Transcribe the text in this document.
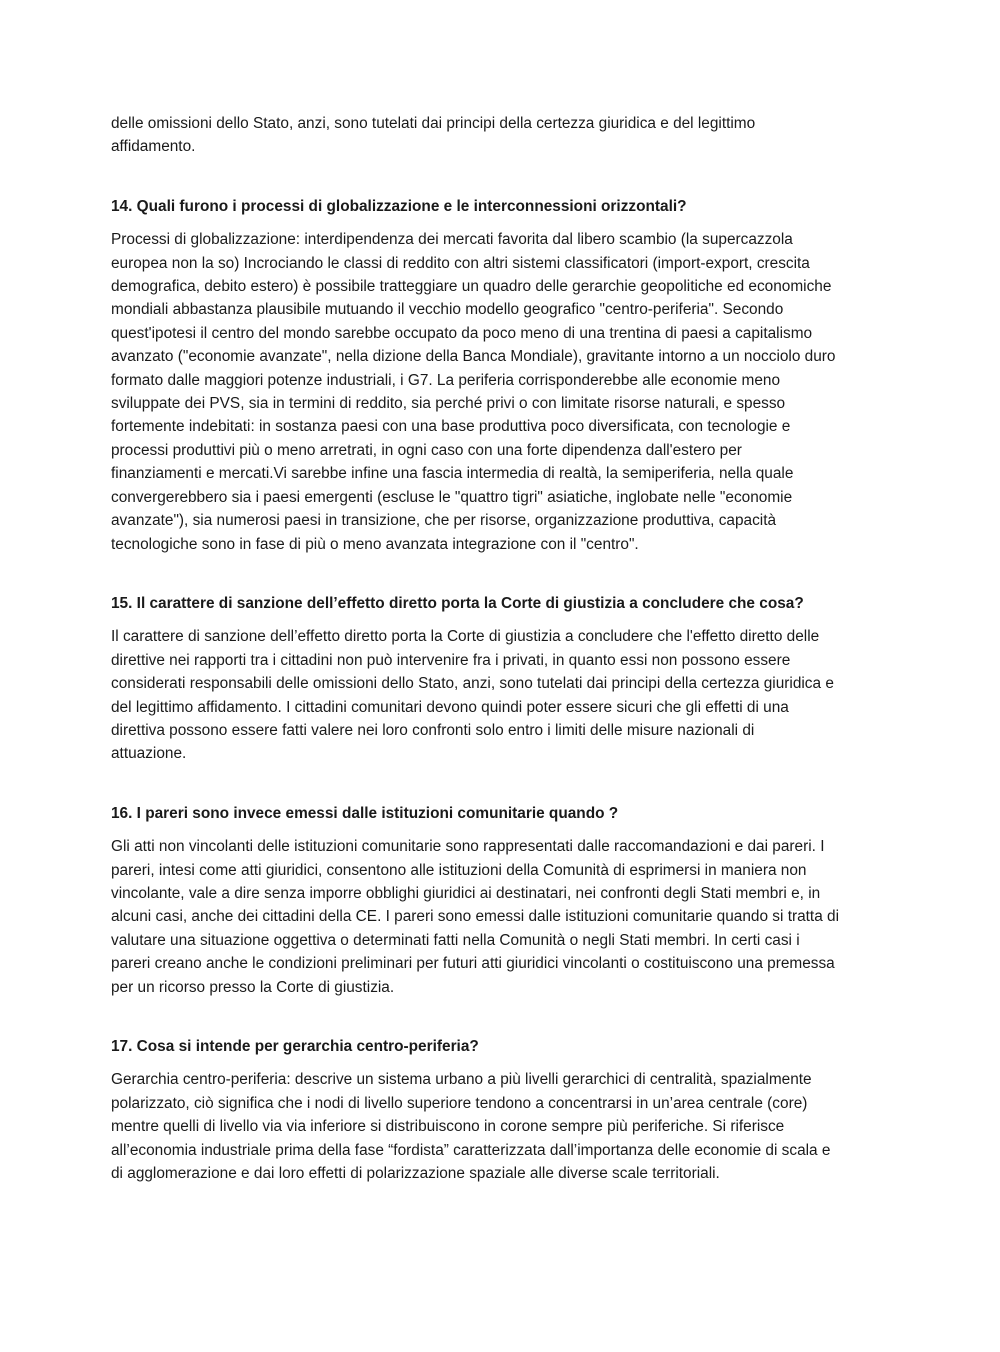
delle omissioni dello Stato, anzi, sono tutelati dai principi della certezza giuridica e del legittimo
affidamento.

14. Quali furono i processi di globalizzazione e le interconnessioni orizzontali?

Processi di globalizzazione: interdipendenza dei mercati favorita dal libero scambio (la supercazzola
europea non la so) Incrociando le classi di reddito con altri sistemi classificatori (import-export, crescita
demografica, debito estero) è possibile tratteggiare un quadro delle gerarchie geopolitiche ed economiche
mondiali abbastanza plausibile mutuando il vecchio modello geografico "centro-periferia". Secondo
quest'ipotesi il centro del mondo sarebbe occupato da poco meno di una trentina di paesi a capitalismo
avanzato ("economie avanzate", nella dizione della Banca Mondiale), gravitante intorno a un nocciolo duro
formato dalle maggiori potenze industriali, i G7. La periferia corrisponderebbe alle economie meno
sviluppate dei PVS, sia in termini di reddito, sia perché privi o con limitate risorse naturali, e spesso
fortemente indebitati: in sostanza paesi con una base produttiva poco diversificata, con tecnologie e
processi produttivi più o meno arretrati, in ogni caso con una forte dipendenza dall'estero per
finanziamenti e mercati.Vi sarebbe infine una fascia intermedia di realtà, la semiperiferia, nella quale
convergerebbero sia i paesi emergenti (escluse le "quattro tigri" asiatiche, inglobate nelle "economie
avanzate"), sia numerosi paesi in transizione, che per risorse, organizzazione produttiva, capacità
tecnologiche sono in fase di più o meno avanzata integrazione con il "centro".

15. Il carattere di sanzione dell’effetto diretto porta la Corte di giustizia a concludere che cosa?

Il carattere di sanzione dell’effetto diretto porta la Corte di giustizia a concludere che l'effetto diretto delle
direttive nei rapporti tra i cittadini non può intervenire fra i privati, in quanto essi non possono essere
considerati responsabili delle omissioni dello Stato, anzi, sono tutelati dai principi della certezza giuridica e
del legittimo affidamento. I cittadini comunitari devono quindi poter essere sicuri che gli effetti di una
direttiva possono essere fatti valere nei loro confronti solo entro i limiti delle misure nazionali di
attuazione.

16. I pareri sono invece emessi dalle istituzioni comunitarie quando ?

Gli atti non vincolanti delle istituzioni comunitarie sono rappresentati dalle raccomandazioni e dai pareri. I
pareri, intesi come atti giuridici, consentono alle istituzioni della Comunità di esprimersi in maniera non
vincolante, vale a dire senza imporre obblighi giuridici ai destinatari, nei confronti degli Stati membri e, in
alcuni casi, anche dei cittadini della CE. I pareri sono emessi dalle istituzioni comunitarie quando si tratta di
valutare una situazione oggettiva o determinati fatti nella Comunità o negli Stati membri. In certi casi i
pareri creano anche le condizioni preliminari per futuri atti giuridici vincolanti o costituiscono una premessa
per un ricorso presso la Corte di giustizia.

17. Cosa si intende per gerarchia centro-periferia?

Gerarchia centro-periferia: descrive un sistema urbano a più livelli gerarchici di centralità, spazialmente
polarizzato, ciò significa che i nodi di livello superiore tendono a concentrarsi in un’area centrale (core)
mentre quelli di livello via via inferiore si distribuiscono in corone sempre più periferiche. Si riferisce
all’economia industriale prima della fase “fordista” caratterizzata dall’importanza delle economie di scala e
di agglomerazione e dai loro effetti di polarizzazione spaziale alle diverse scale territoriali.
